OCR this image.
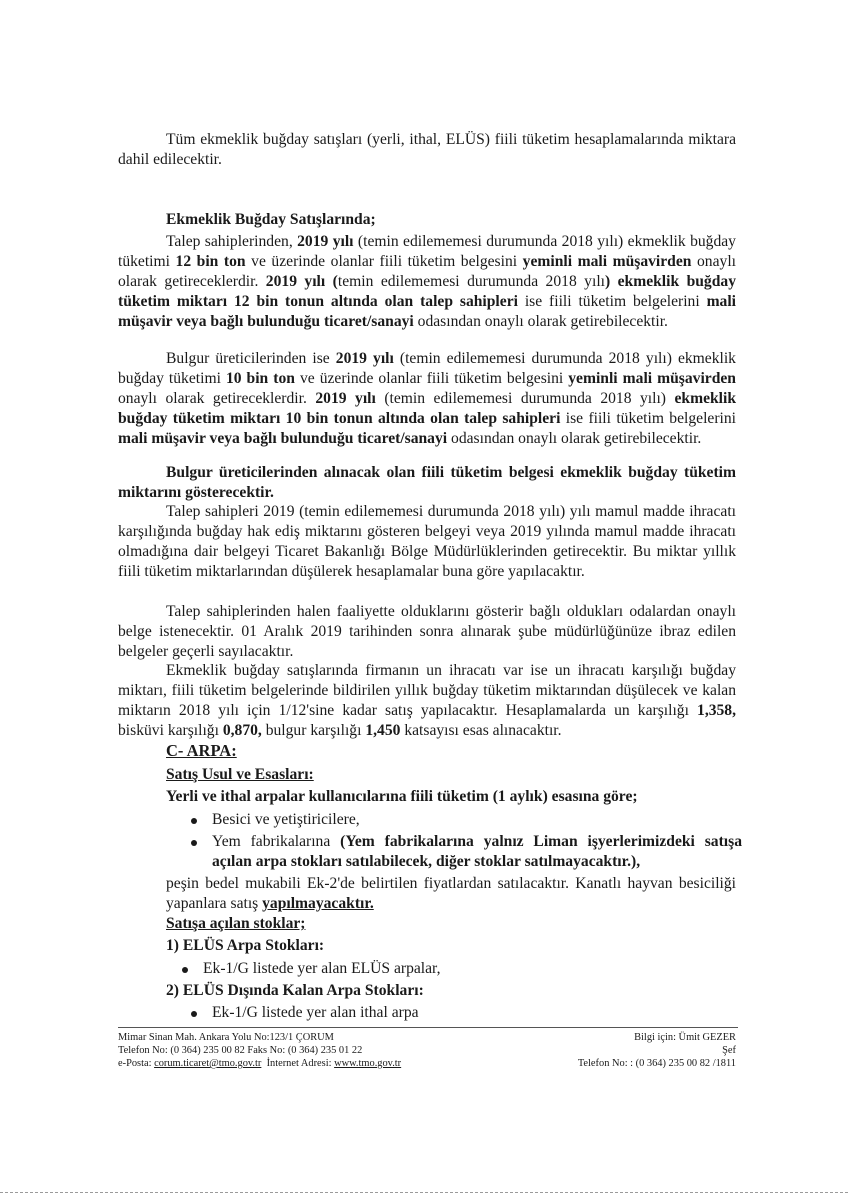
Tüm ekmeklik buğday satışları (yerli, ithal, ELÜS) fiili tüketim hesaplamalarında miktara dahil edilecektir.

Ekmeklik Buğday Satışlarında;

Talep sahiplerinden, 2019 yılı (temin edilememesi durumunda 2018 yılı) ekmeklik buğday tüketimi 12 bin ton ve üzerinde olanlar fiili tüketim belgesini yeminli mali müşavirden onaylı olarak getireceklerdir. 2019 yılı (temin edilememesi durumunda 2018 yılı) ekmeklik buğday tüketim miktarı 12 bin tonun altında olan talep sahipleri ise fiili tüketim belgelerini mali müşavir veya bağlı bulunduğu ticaret/sanayi odasından onaylı olarak getirebilecektir.

Bulgur üreticilerinden ise 2019 yılı (temin edilememesi durumunda 2018 yılı) ekmeklik buğday tüketimi 10 bin ton ve üzerinde olanlar fiili tüketim belgesini yeminli mali müşavirden onaylı olarak getireceklerdir. 2019 yılı (temin edilememesi durumunda 2018 yılı) ekmeklik buğday tüketim miktarı 10 bin tonun altında olan talep sahipleri ise fiili tüketim belgelerini mali müşavir veya bağlı bulunduğu ticaret/sanayi odasından onaylı olarak getirebilecektir.

Bulgur üreticilerinden alınacak olan fiili tüketim belgesi ekmeklik buğday tüketim miktarını gösterecektir.

Talep sahipleri 2019 (temin edilememesi durumunda 2018 yılı) yılı mamul madde ihracatı karşılığında buğday hak ediş miktarını gösteren belgeyi veya 2019 yılında mamul madde ihracatı olmadığına dair belgeyi Ticaret Bakanlığı Bölge Müdürlüklerinden getirecektir. Bu miktar yıllık fiili tüketim miktarlarından düşülerek hesaplamalar buna göre yapılacaktır.

Talep sahiplerinden halen faaliyette olduklarını gösterir bağlı oldukları odalardan onaylı belge istenecektir. 01 Aralık 2019 tarihinden sonra alınarak şube müdürlüğünüze ibraz edilen belgeler geçerli sayılacaktır.

Ekmeklik buğday satışlarında firmanın un ihracatı var ise un ihracatı karşılığı buğday miktarı, fiili tüketim belgelerinde bildirilen yıllık buğday tüketim miktarından düşülecek ve kalan miktarın 2018 yılı için 1/12'sine kadar satış yapılacaktır. Hesaplamalarda un karşılığı 1,358, bisküvi karşılığı 0,870, bulgur karşılığı 1,450 katsayısı esas alınacaktır.

C- ARPA:

Satış Usul ve Esasları:

Yerli ve ithal arpalar kullanıcılarına fiili tüketim (1 aylık) esasına göre;

Besici ve yetiştiricilere,

Yem fabrikalarına (Yem fabrikalarına yalnız Liman işyerlerimizdeki satışa açılan arpa stokları satılabilecek, diğer stoklar satılmayacaktır.),

peşin bedel mukabili Ek-2'de belirtilen fiyatlardan satılacaktır. Kanatlı hayvan besiciliği yapanlara satış yapılmayacaktır.

Satışa açılan stoklar;

1) ELÜS Arpa Stokları:

Ek-1/G listede yer alan ELÜS arpalar,

2) ELÜS Dışında Kalan Arpa Stokları:

Ek-1/G listede yer alan ithal arpa

Mimar Sinan Mah. Ankara Yolu No:123/1 ÇORUM

Telefon No: (0 364) 235 00 82 Faks No: (0 364) 235 01 22

e-Posta: corum.ticaret@tmo.gov.tr  İnternet Adresi: www.tmo.gov.tr

Bilgi için: Ümit GEZER

Şef

Telefon No: : (0 364) 235 00 82 /1811
